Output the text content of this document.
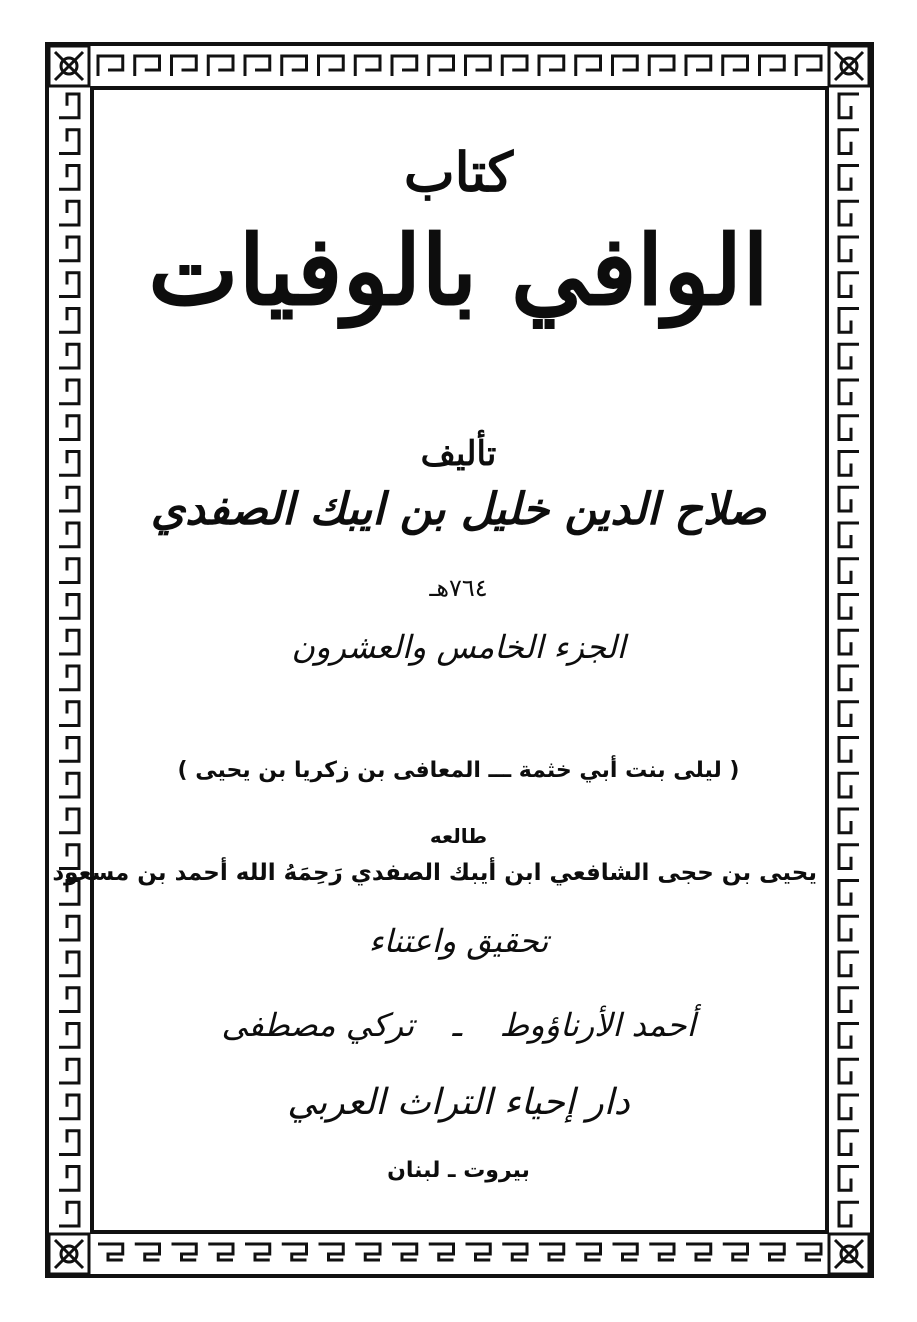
كتاب
الوافي بالوفيات
تأليف
صلاح الدين خليل بن ايبك الصفدي
٧٦٤هـ
الجزء الخامس والعشرون
( ليلى بنت أبي خثمة ـــ المعافى بن زكريا بن يحيى )
طالعه
يحيى بن حجى الشافعي ابن أيبك الصفدي رَحِمَهُ الله أحمد بن مسعود
تحقيق واعتناء
أحمد الأرناؤوطـتركي مصطفى
دار إحياء التراث العربي
بيروت ـ لبنان
